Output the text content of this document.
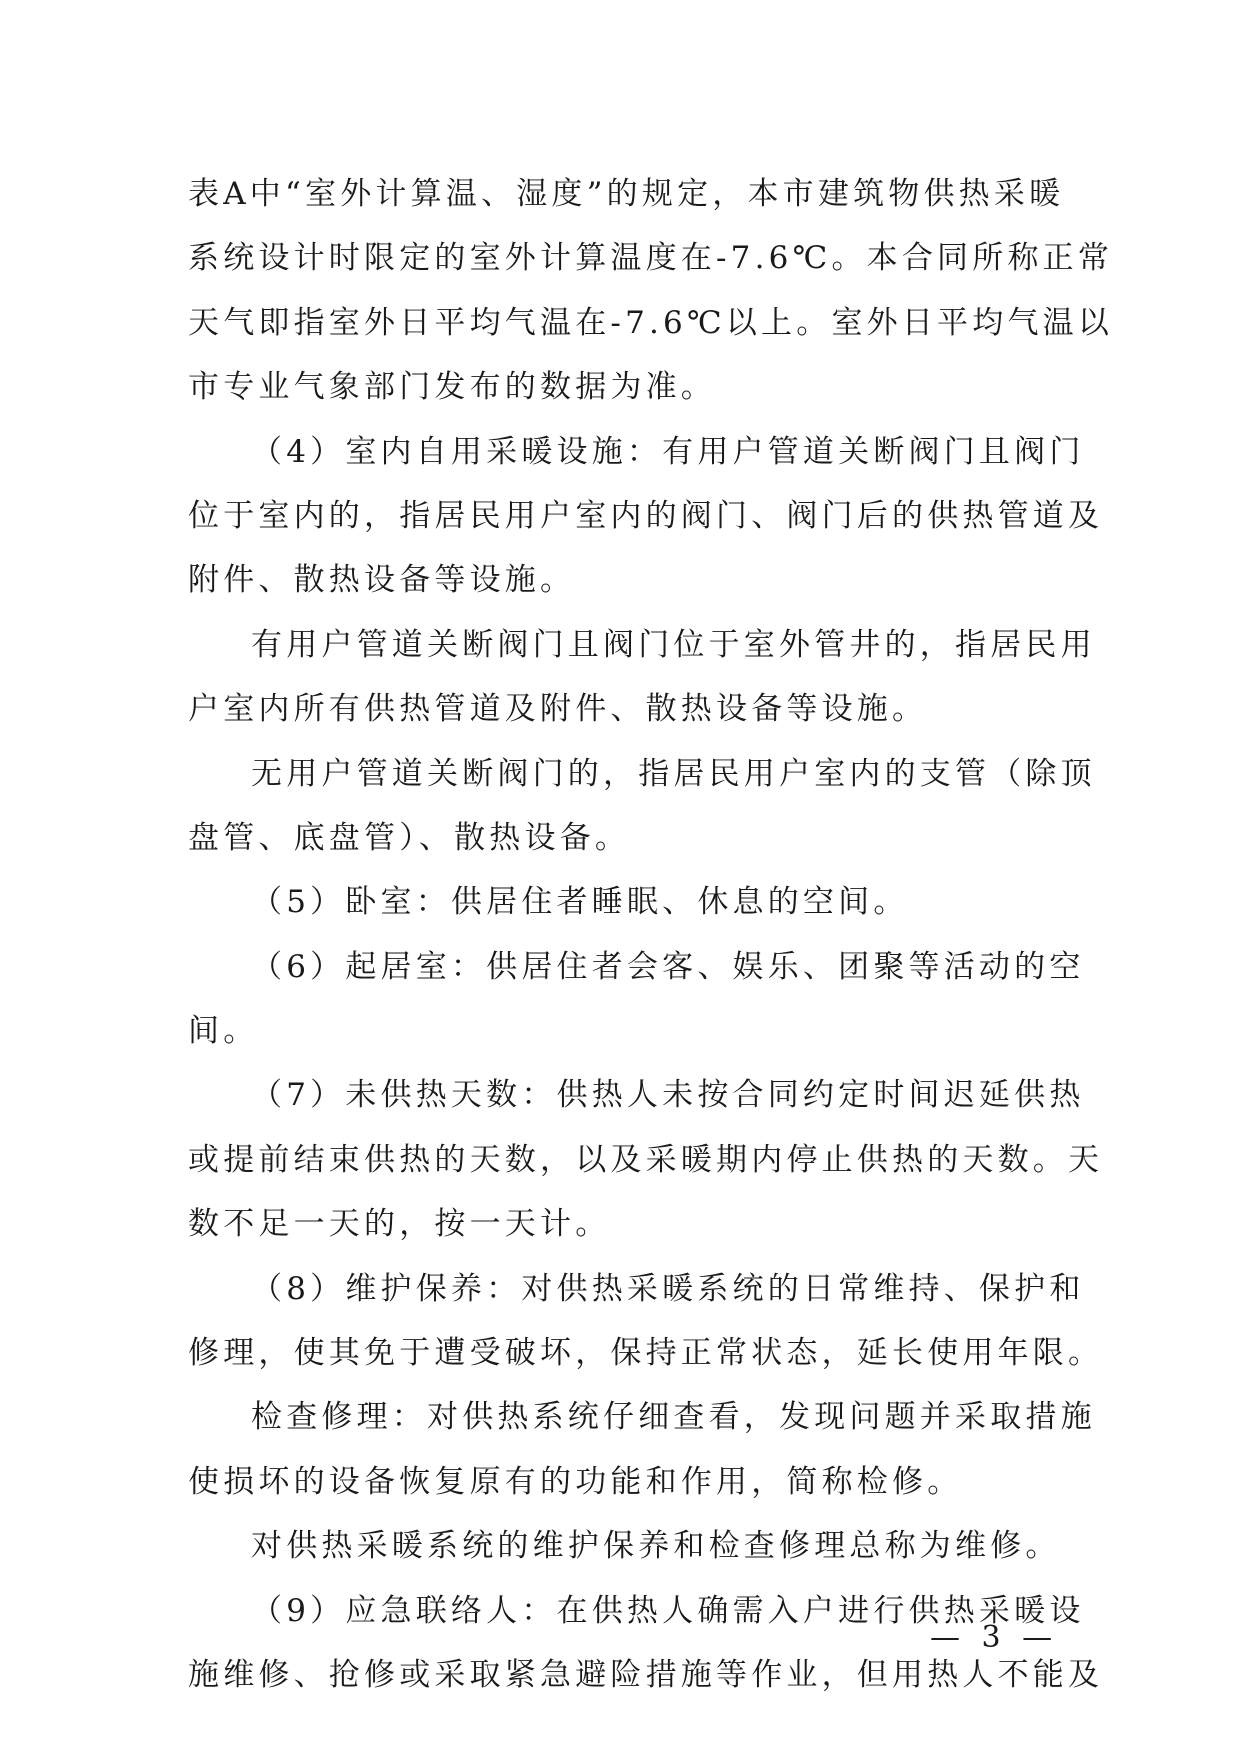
表A中“室外计算温、湿度”的规定，本市建筑物供热采暖
系统设计时限定的室外计算温度在-7.6℃。本合同所称正常
天气即指室外日平均气温在-7.6℃以上。室外日平均气温以
市专业气象部门发布的数据为准。
（4）室内自用采暖设施：有用户管道关断阀门且阀门
位于室内的，指居民用户室内的阀门、阀门后的供热管道及
附件、散热设备等设施。
有用户管道关断阀门且阀门位于室外管井的，指居民用
户室内所有供热管道及附件、散热设备等设施。
无用户管道关断阀门的，指居民用户室内的支管（除顶
盘管、底盘管）、散热设备。
（5）卧室：供居住者睡眠、休息的空间。
（6）起居室：供居住者会客、娱乐、团聚等活动的空
间。
（7）未供热天数：供热人未按合同约定时间迟延供热
或提前结束供热的天数，以及采暖期内停止供热的天数。天
数不足一天的，按一天计。
（8）维护保养：对供热采暖系统的日常维持、保护和
修理，使其免于遭受破坏，保持正常状态，延长使用年限。
检查修理：对供热系统仔细查看，发现问题并采取措施
使损坏的设备恢复原有的功能和作用，简称检修。
对供热采暖系统的维护保养和检查修理总称为维修。
（9）应急联络人：在供热人确需入户进行供热采暖设
施维修、抢修或采取紧急避险措施等作业，但用热人不能及
— 3 —
